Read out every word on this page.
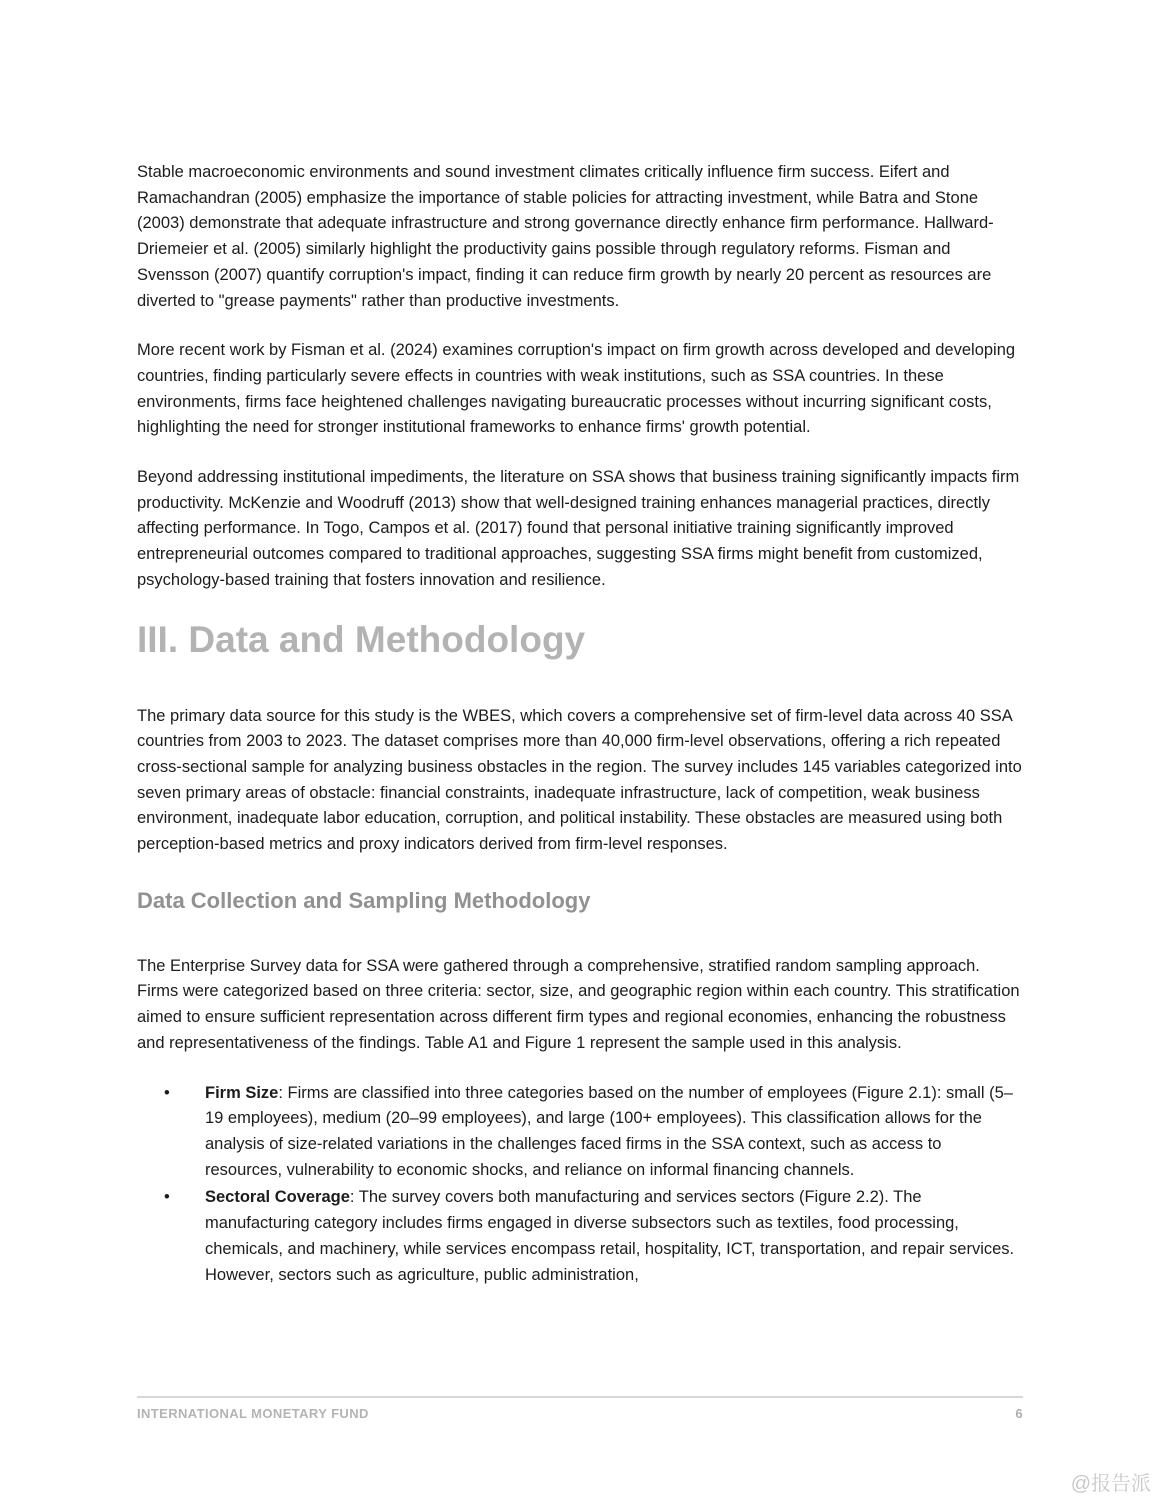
Stable macroeconomic environments and sound investment climates critically influence firm success. Eifert and Ramachandran (2005) emphasize the importance of stable policies for attracting investment, while Batra and Stone (2003) demonstrate that adequate infrastructure and strong governance directly enhance firm performance. Hallward-Driemeier et al. (2005) similarly highlight the productivity gains possible through regulatory reforms. Fisman and Svensson (2007) quantify corruption's impact, finding it can reduce firm growth by nearly 20 percent as resources are diverted to "grease payments" rather than productive investments.

More recent work by Fisman et al. (2024) examines corruption's impact on firm growth across developed and developing countries, finding particularly severe effects in countries with weak institutions, such as SSA countries. In these environments, firms face heightened challenges navigating bureaucratic processes without incurring significant costs, highlighting the need for stronger institutional frameworks to enhance firms' growth potential.

Beyond addressing institutional impediments, the literature on SSA shows that business training significantly impacts firm productivity. McKenzie and Woodruff (2013) show that well-designed training enhances managerial practices, directly affecting performance. In Togo, Campos et al. (2017) found that personal initiative training significantly improved entrepreneurial outcomes compared to traditional approaches, suggesting SSA firms might benefit from customized, psychology-based training that fosters innovation and resilience.

III. Data and Methodology

The primary data source for this study is the WBES, which covers a comprehensive set of firm-level data across 40 SSA countries from 2003 to 2023. The dataset comprises more than 40,000 firm-level observations, offering a rich repeated cross-sectional sample for analyzing business obstacles in the region. The survey includes 145 variables categorized into seven primary areas of obstacle: financial constraints, inadequate infrastructure, lack of competition, weak business environment, inadequate labor education, corruption, and political instability. These obstacles are measured using both perception-based metrics and proxy indicators derived from firm-level responses.

Data Collection and Sampling Methodology

The Enterprise Survey data for SSA were gathered through a comprehensive, stratified random sampling approach. Firms were categorized based on three criteria: sector, size, and geographic region within each country. This stratification aimed to ensure sufficient representation across different firm types and regional economies, enhancing the robustness and representativeness of the findings. Table A1 and Figure 1 represent the sample used in this analysis.

• Firm Size: Firms are classified into three categories based on the number of employees (Figure 2.1): small (5–19 employees), medium (20–99 employees), and large (100+ employees). This classification allows for the analysis of size-related variations in the challenges faced firms in the SSA context, such as access to resources, vulnerability to economic shocks, and reliance on informal financing channels.
• Sectoral Coverage: The survey covers both manufacturing and services sectors (Figure 2.2). The manufacturing category includes firms engaged in diverse subsectors such as textiles, food processing, chemicals, and machinery, while services encompass retail, hospitality, ICT, transportation, and repair services. However, sectors such as agriculture, public administration,
INTERNATIONAL MONETARY FUND	6
@报告派
